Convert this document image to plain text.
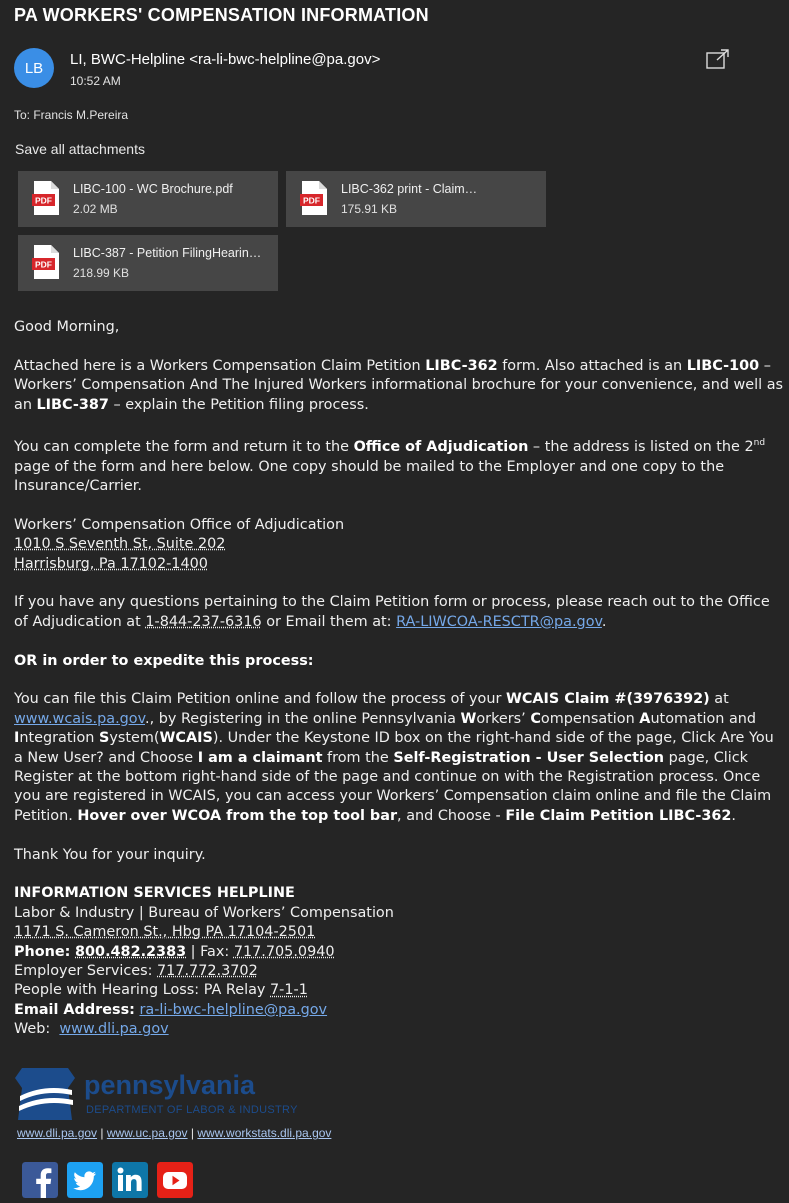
PA WORKERS' COMPENSATION INFORMATION
LB	LI, BWC-Helpline <ra-li-bwc-helpline@pa.gov>
10:52 AM
To: Francis M.Pereira
Save all attachments
PDF
LIBC-100 - WC Brochure.pdf
2.02 MB
PDF
LIBC-362 print - Claim…
175.91 KB
PDF
LIBC-387 - Petition FilingHearin…
218.99 KB

Good Morning,

Attached here is a Workers Compensation Claim Petition LIBC-362 form. Also attached is an LIBC-100 – Workers’ Compensation And The Injured Workers informational brochure for your convenience, and well as an LIBC-387 – explain the Petition filing process.

You can complete the form and return it to the Office of Adjudication – the address is listed on the 2nd page of the form and here below. One copy should be mailed to the Employer and one copy to the Insurance/Carrier.

Workers’ Compensation Office of Adjudication
1010 S Seventh St, Suite 202
Harrisburg, Pa 17102-1400

If you have any questions pertaining to the Claim Petition form or process, please reach out to the Office of Adjudication at 1-844-237-6316 or Email them at: RA-LIWCOA-RESCTR@pa.gov.

OR in order to expedite this process:

You can file this Claim Petition online and follow the process of your WCAIS Claim #(3976392) at www.wcais.pa.gov., by Registering in the online Pennsylvania Workers’ Compensation Automation and Integration System(WCAIS). Under the Keystone ID box on the right-hand side of the page, Click Are You a New User? and Choose I am a claimant from the Self-Registration - User Selection page, Click Register at the bottom right-hand side of the page and continue on with the Registration process. Once you are registered in WCAIS, you can access your Workers’ Compensation claim online and file the Claim Petition. Hover over WCOA from the top tool bar, and Choose - File Claim Petition LIBC-362.

Thank You for your inquiry.

INFORMATION SERVICES HELPLINE
Labor & Industry | Bureau of Workers’ Compensation
1171 S. Cameron St., Hbg PA 17104-2501
Phone: 800.482.2383 | Fax: 717.705.0940
Employer Services: 717.772.3702
People with Hearing Loss: PA Relay 7-1-1
Email Address: ra-li-bwc-helpline@pa.gov
Web: www.dli.pa.gov
pennsylvania
DEPARTMENT OF LABOR & INDUSTRY
www.dli.pa.gov | www.uc.pa.gov | www.workstats.dli.pa.gov
